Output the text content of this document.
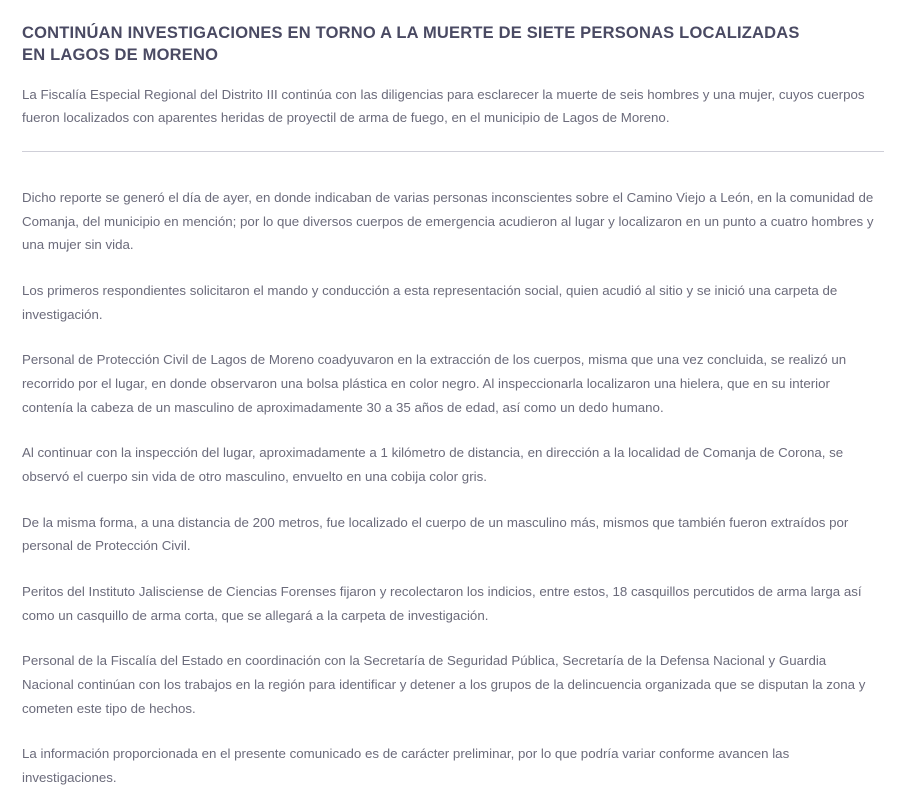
CONTINÚAN INVESTIGACIONES EN TORNO A LA MUERTE DE SIETE PERSONAS LOCALIZADAS EN LAGOS DE MORENO

La Fiscalía Especial Regional del Distrito III continúa con las diligencias para esclarecer la muerte de seis hombres y una mujer, cuyos cuerpos fueron localizados con aparentes heridas de proyectil de arma de fuego, en el municipio de Lagos de Moreno.

Dicho reporte se generó el día de ayer, en donde indicaban de varias personas inconscientes sobre el Camino Viejo a León, en la comunidad de Comanja, del municipio en mención; por lo que diversos cuerpos de emergencia acudieron al lugar y localizaron en un punto a cuatro hombres y una mujer sin vida.

Los primeros respondientes solicitaron el mando y conducción a esta representación social, quien acudió al sitio y se inició una carpeta de investigación.

Personal de Protección Civil de Lagos de Moreno coadyuvaron en la extracción de los cuerpos, misma que una vez concluida, se realizó un recorrido por el lugar, en donde observaron una bolsa plástica en color negro. Al inspeccionarla localizaron una hielera, que en su interior contenía la cabeza de un masculino de aproximadamente 30 a 35 años de edad, así como un dedo humano.

Al continuar con la inspección del lugar, aproximadamente a 1 kilómetro de distancia, en dirección a la localidad de Comanja de Corona, se observó el cuerpo sin vida de otro masculino, envuelto en una cobija color gris.

De la misma forma, a una distancia de 200 metros, fue localizado el cuerpo de un masculino más, mismos que también fueron extraídos por personal de Protección Civil.

Peritos del Instituto Jalisciense de Ciencias Forenses fijaron y recolectaron los indicios, entre estos, 18 casquillos percutidos de arma larga así como un casquillo de arma corta, que se allegará a la carpeta de investigación.

Personal de la Fiscalía del Estado en coordinación con la Secretaría de Seguridad Pública, Secretaría de la Defensa Nacional y Guardia Nacional continúan con los trabajos en la región para identificar y detener a los grupos de la delincuencia organizada que se disputan la zona y cometen este tipo de hechos.

La información proporcionada en el presente comunicado es de carácter preliminar, por lo que podría variar conforme avancen las investigaciones.
